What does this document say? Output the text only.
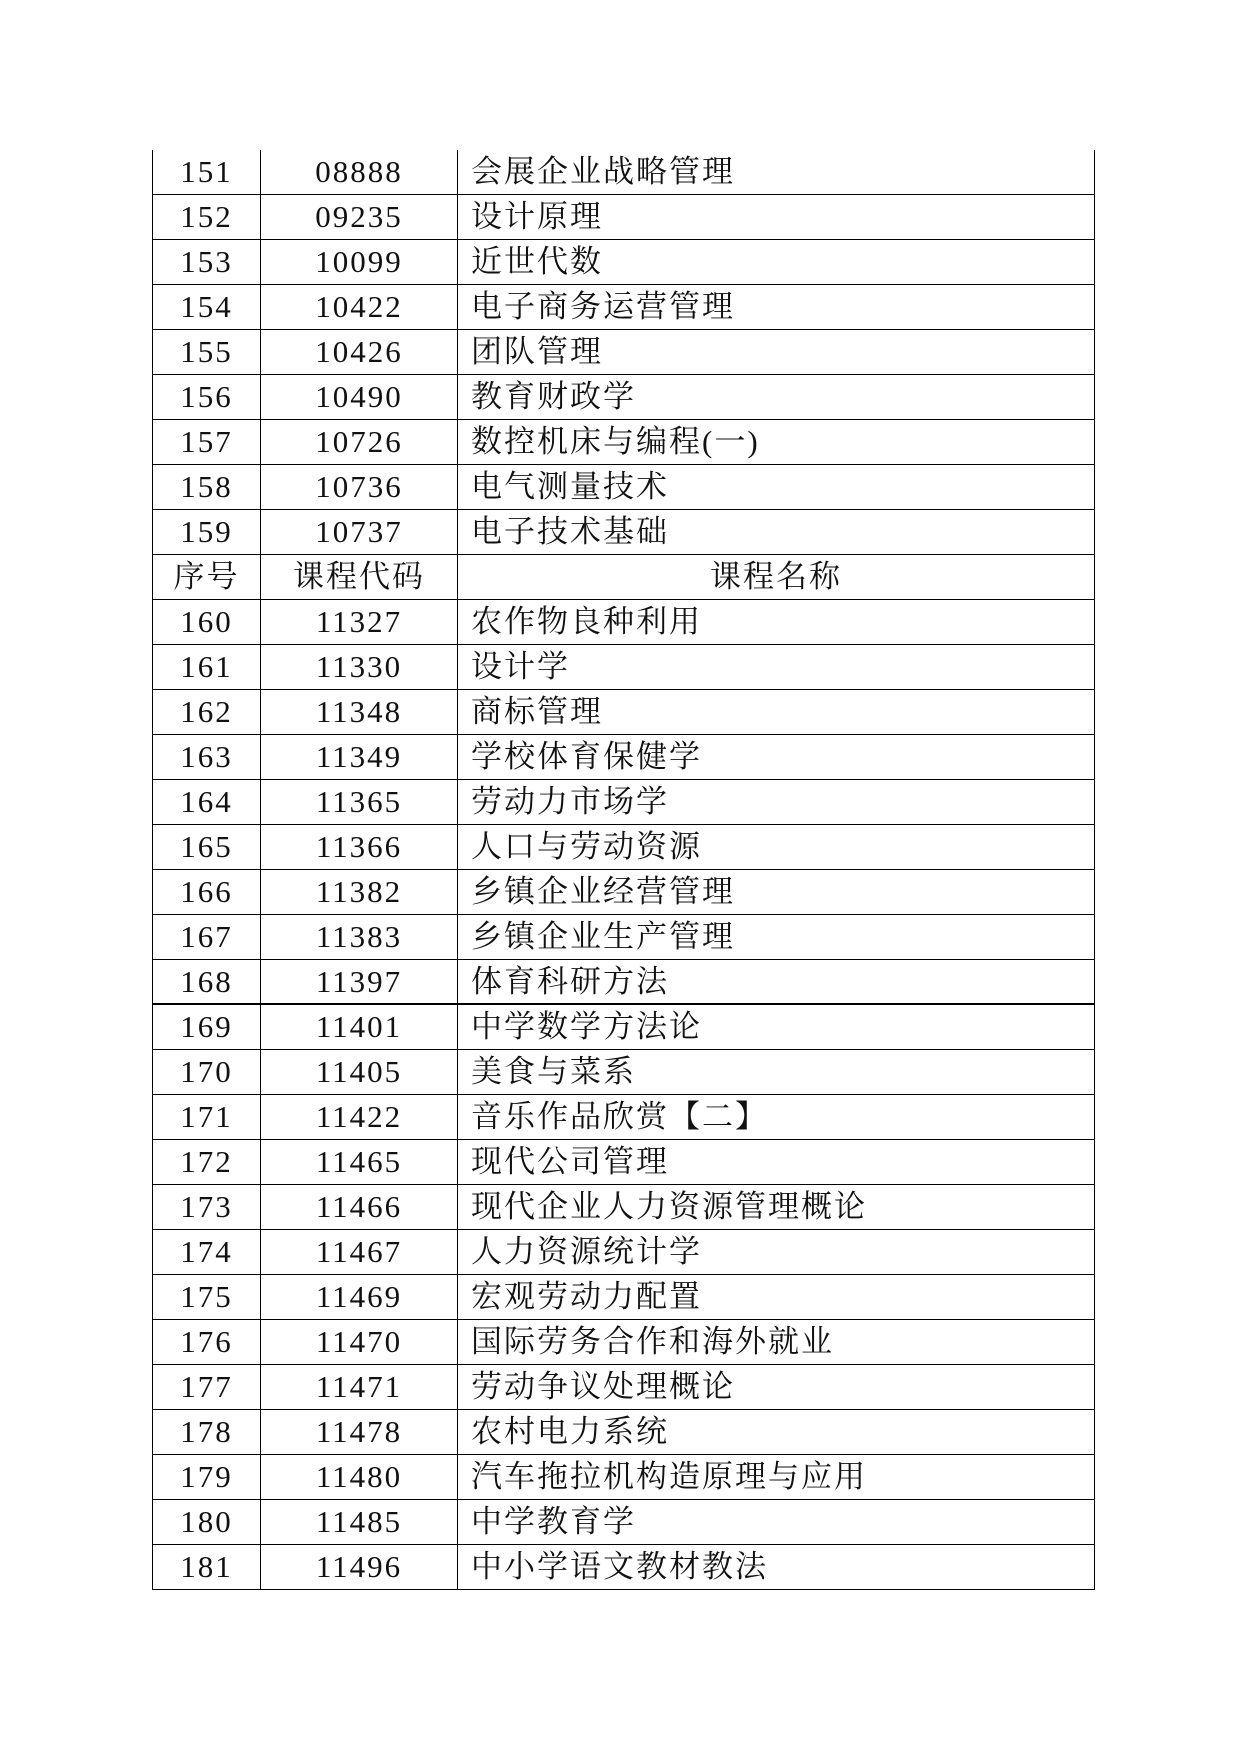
151	08888	会展企业战略管理
152	09235	设计原理
153	10099	近世代数
154	10422	电子商务运营管理
155	10426	团队管理
156	10490	教育财政学
157	10726	数控机床与编程(一)
158	10736	电气测量技术
159	10737	电子技术基础
序号	课程代码	课程名称
160	11327	农作物良种利用
161	11330	设计学
162	11348	商标管理
163	11349	学校体育保健学
164	11365	劳动力市场学
165	11366	人口与劳动资源
166	11382	乡镇企业经营管理
167	11383	乡镇企业生产管理
168	11397	体育科研方法
169	11401	中学数学方法论
170	11405	美食与菜系
171	11422	音乐作品欣赏【二】
172	11465	现代公司管理
173	11466	现代企业人力资源管理概论
174	11467	人力资源统计学
175	11469	宏观劳动力配置
176	11470	国际劳务合作和海外就业
177	11471	劳动争议处理概论
178	11478	农村电力系统
179	11480	汽车拖拉机构造原理与应用
180	11485	中学教育学
181	11496	中小学语文教材教法
